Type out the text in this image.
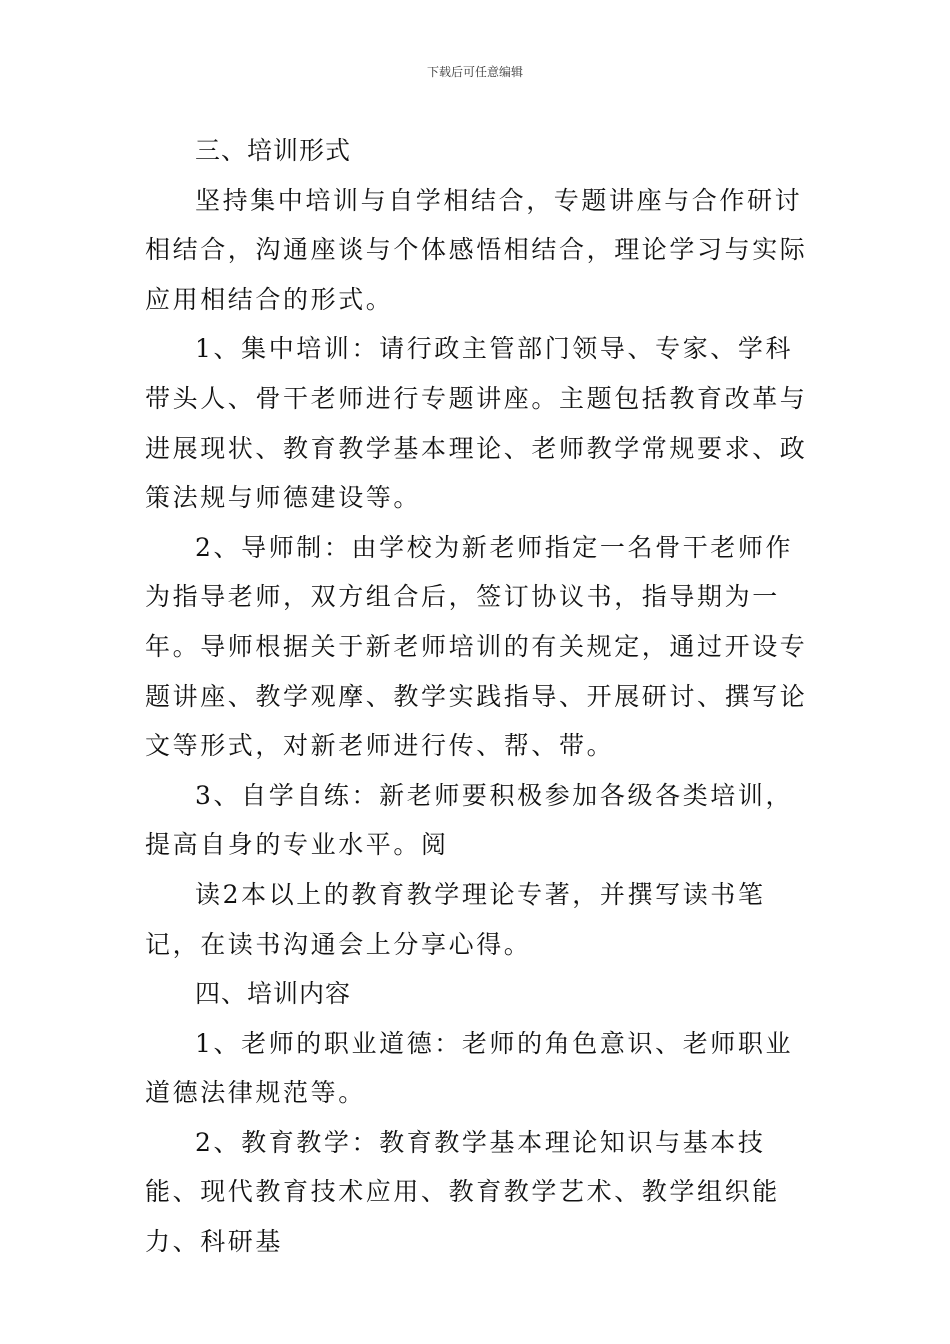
下载后可任意编辑

三、培训形式

坚持集中培训与自学相结合，专题讲座与合作研讨相结合，沟通座谈与个体感悟相结合，理论学习与实际应用相结合的形式。

1、集中培训：请行政主管部门领导、专家、学科带头人、骨干老师进行专题讲座。主题包括教育改革与进展现状、教育教学基本理论、老师教学常规要求、政策法规与师德建设等。

2、导师制：由学校为新老师指定一名骨干老师作为指导老师，双方组合后，签订协议书，指导期为一年。导师根据关于新老师培训的有关规定，通过开设专题讲座、教学观摩、教学实践指导、开展研讨、撰写论文等形式，对新老师进行传、帮、带。

3、自学自练：新老师要积极参加各级各类培训，提高自身的专业水平。阅

读2本以上的教育教学理论专著，并撰写读书笔记，在读书沟通会上分享心得。

四、培训内容

1、老师的职业道德：老师的角色意识、老师职业道德法律规范等。

2、教育教学：教育教学基本理论知识与基本技能、现代教育技术应用、教育教学艺术、教学组织能力、科研基
